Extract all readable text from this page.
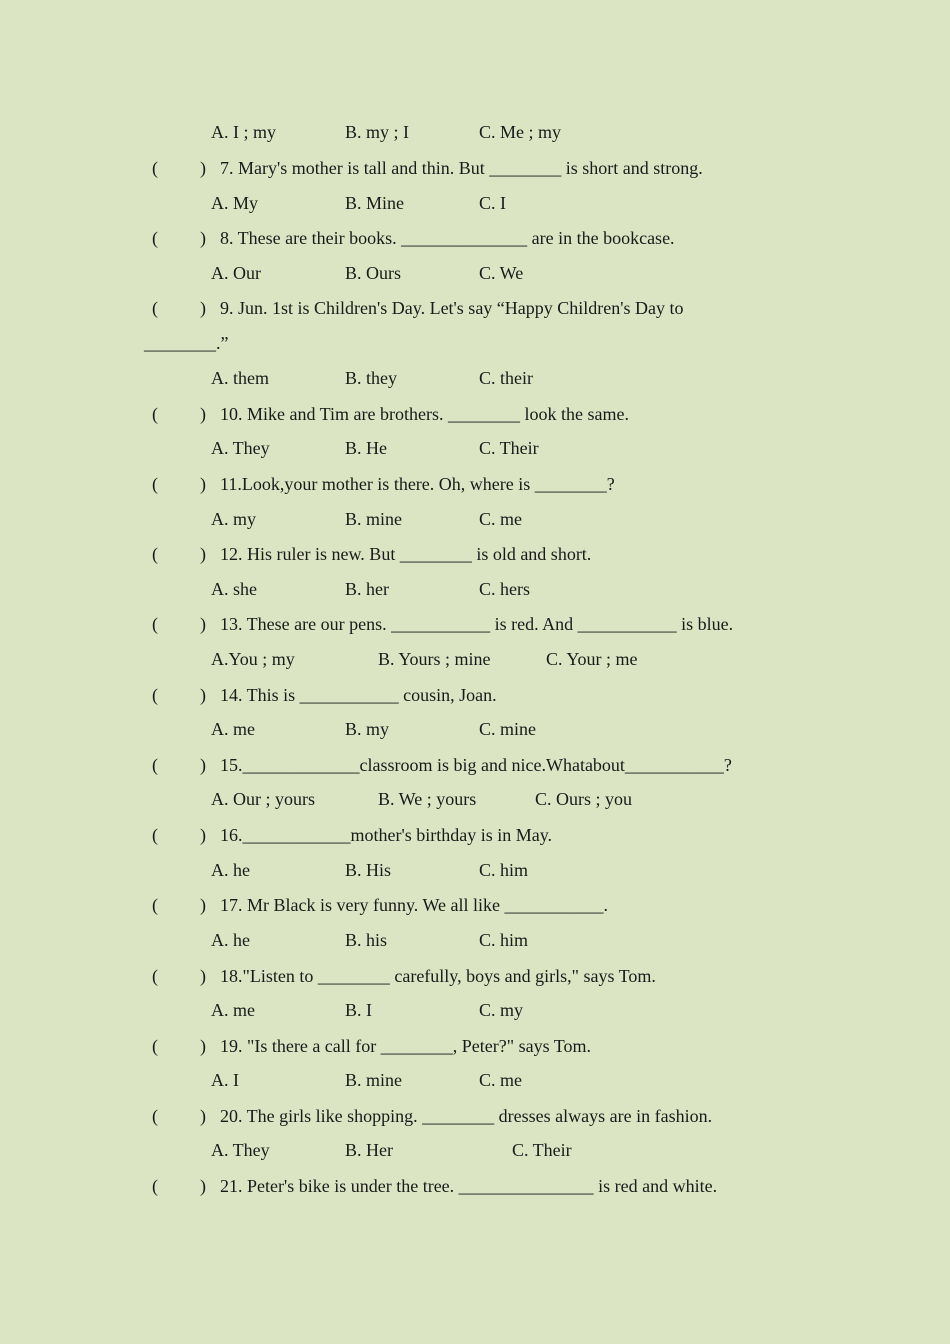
A. I ; my	B. my ; I	C. Me ; my
( ) 7. Mary's mother is tall and thin. But ________ is short and strong.
A. My	B. Mine	C. I
( ) 8. These are their books. ______________ are in the bookcase.
A. Our	B. Ours	C. We
( ) 9. Jun. 1st is Children's Day. Let's say “Happy Children's Day to
________.”
A. them	B. they	C. their
( ) 10. Mike and Tim are brothers. ________ look the same.
A. They	B. He	C. Their
( ) 11.Look,your mother is there. Oh, where is ________?
A. my	B. mine	C. me
( ) 12. His ruler is new. But ________ is old and short.
A. she	B. her	C. hers
( ) 13. These are our pens. ___________ is red. And ___________ is blue.
A.You ; my	B. Yours ; mine	C. Your ; me
( ) 14. This is ___________ cousin, Joan.
A. me	B. my	C. mine
( ) 15._____________classroom is big and nice.Whatabout___________?
A. Our ; yours	B. We ; yours	C. Ours ; you
( ) 16.____________mother's birthday is in May.
A. he	B. His	C. him
( ) 17. Mr Black is very funny. We all like ___________.
A. he	B. his	C. him
( ) 18."Listen to ________ carefully, boys and girls," says Tom.
A. me	B. I	C. my
( ) 19. "Is there a call for ________, Peter?" says Tom.
A. I	B. mine	C. me
( ) 20. The girls like shopping. ________ dresses always are in fashion.
A. They	B. Her	C. Their
( ) 21. Peter's bike is under the tree. _______________ is red and white.
